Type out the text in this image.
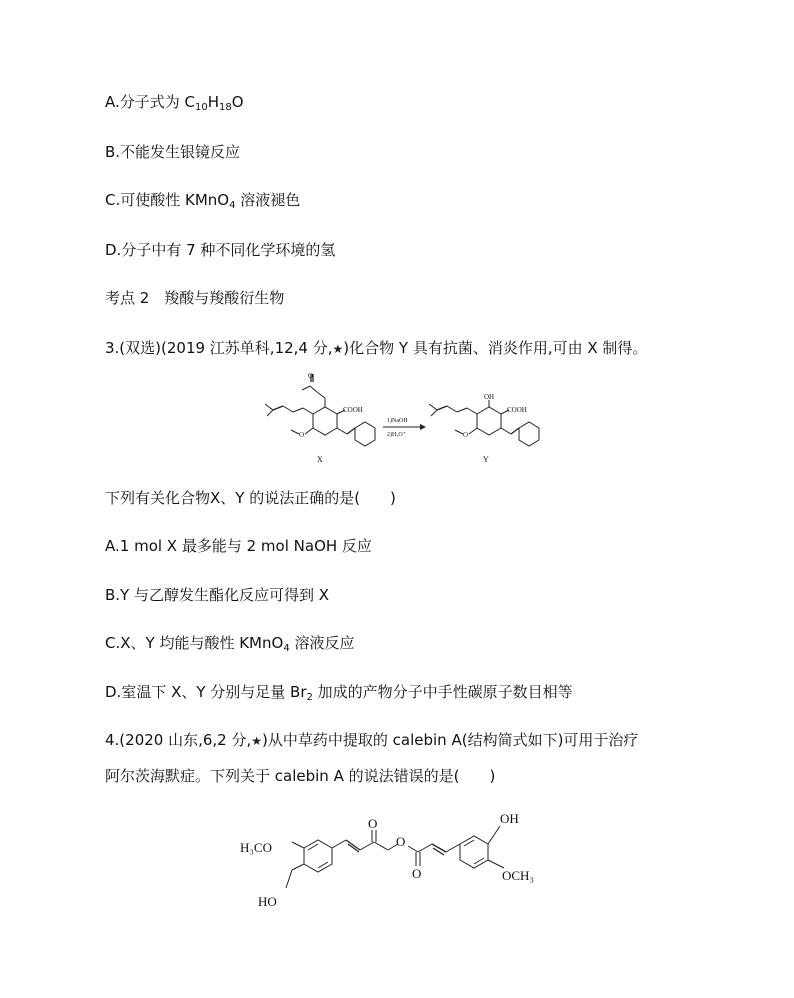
A.分子式为 $C_{10}H_{18}O$
B.不能发生银镜反应
C.可使酸性 KMnO$_4$ 溶液褪色
D.分子中有 7 种不同化学环境的氢
考点 2　羧酸与羧酸衍生物
3.(双选)(2019 江苏单科,12,4 分,★)化合物 Y 具有抗菌、消炎作用,可由 X 制得。
O
COOH
O
X
1)NaOH
2)H₃O⁺
OH
COOH
O
Y
下列有关化合物X、Y 的说法正确的是(　　)
A.1 mol X 最多能与 2 mol NaOH 反应
B.Y 与乙醇发生酯化反应可得到 X
C.X、Y 均能与酸性 KMnO$_4$ 溶液反应
D.室温下 X、Y 分别与足量 $Br_2$ 加成的产物分子中手性碳原子数目相等
4.(2020 山东,6,2 分,★)从中草药中提取的 calebin A(结构简式如下)可用于治疗
阿尔茨海默症。下列关于 calebin A 的说法错误的是(　　)
H₃CO
HO
O
O
O
OH
OCH₃
